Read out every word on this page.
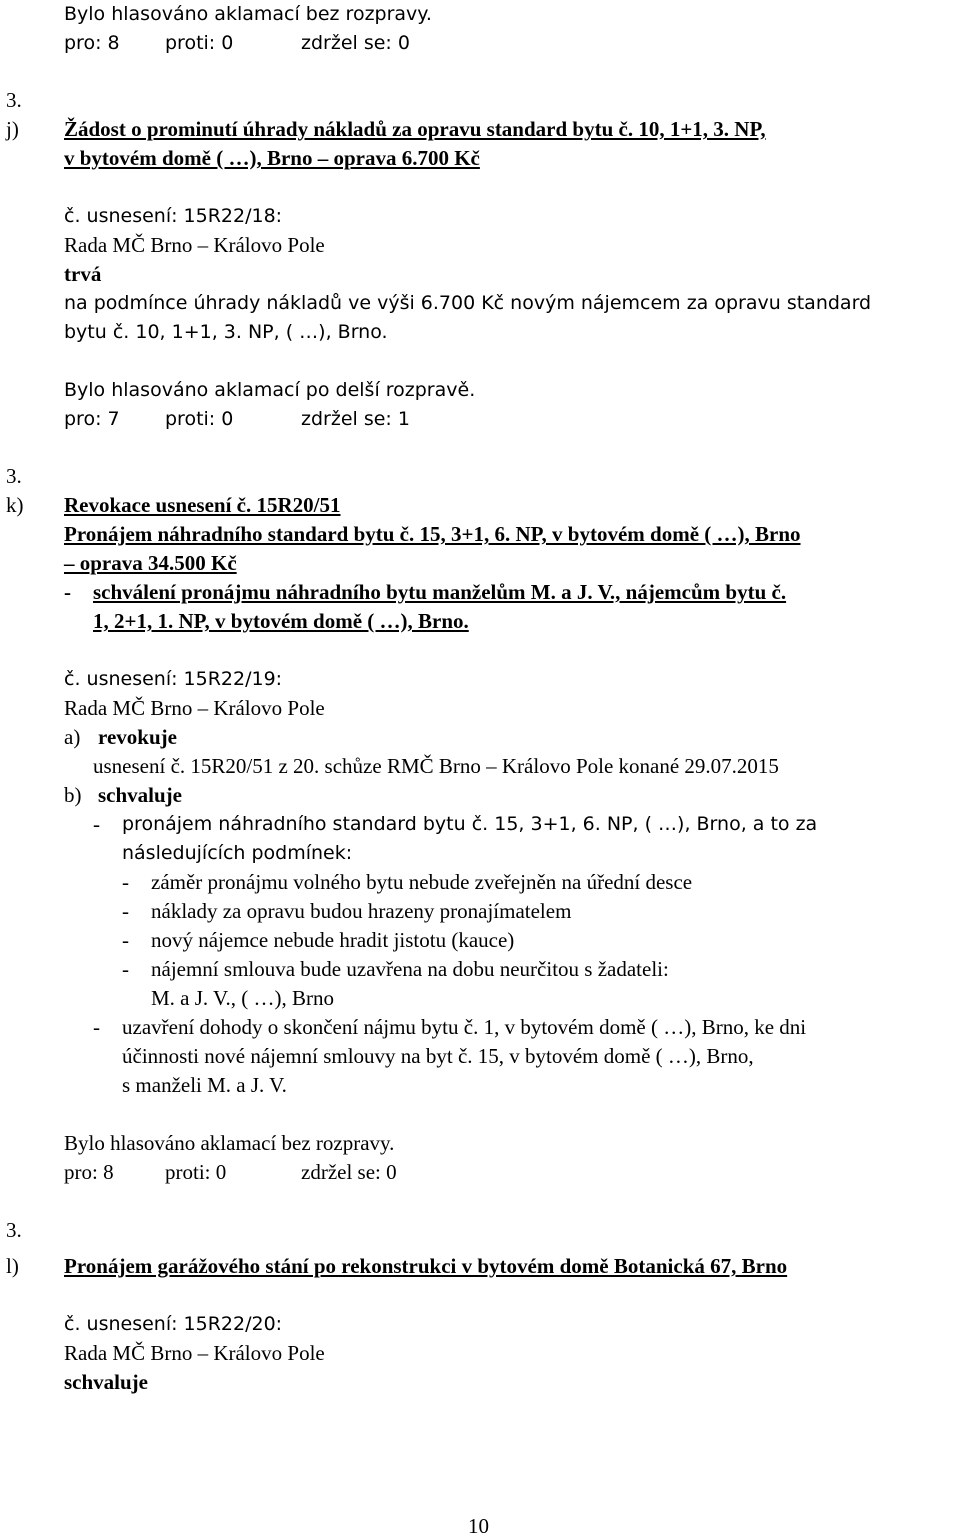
Bylo hlasováno aklamací bez rozpravy.
pro: 8 proti: 0	zdržel se: 0
3.
j) Žádost o prominutí úhrady nákladů za opravu standard bytu č. 10, 1+1, 3. NP,
v bytovém domě ( …), Brno – oprava 6.700 Kč
č. usnesení: 15R22/18:
Rada MČ Brno – Královo Pole
trvá
na podmínce úhrady nákladů ve výši 6.700 Kč novým nájemcem za opravu standard
bytu č. 10, 1+1, 3. NP, ( …), Brno.
Bylo hlasováno aklamací po delší rozpravě.
pro: 7 proti: 0	zdržel se: 1
3.
k) Revokace usnesení č. 15R20/51
Pronájem náhradního standard bytu č. 15, 3+1, 6. NP, v bytovém domě ( …), Brno
– oprava 34.500 Kč
- schválení pronájmu náhradního bytu manželům M. a J. V., nájemcům bytu č.
1, 2+1, 1. NP, v bytovém domě ( …), Brno.
č. usnesení: 15R22/19:
Rada MČ Brno – Královo Pole
a) revokuje
usnesení č. 15R20/51 z 20. schůze RMČ Brno – Královo Pole konané 29.07.2015
b) schvaluje
- pronájem náhradního standard bytu č. 15, 3+1, 6. NP, ( …), Brno, a to za
následujících podmínek:
- záměr pronájmu volného bytu nebude zveřejněn na úřední desce
- náklady za opravu budou hrazeny pronajímatelem
- nový nájemce nebude hradit jistotu (kauce)
- nájemní smlouva bude uzavřena na dobu neurčitou s žadateli:
M. a J. V., ( …), Brno
- uzavření dohody o skončení nájmu bytu č. 1, v bytovém domě ( …), Brno, ke dni
účinnosti nové nájemní smlouvy na byt č. 15, v bytovém domě ( …), Brno,
s manželi M. a J. V.
Bylo hlasováno aklamací bez rozpravy.
pro: 8 proti: 0	zdržel se: 0
3.
l) Pronájem garážového stání po rekonstrukci v bytovém domě Botanická 67, Brno
č. usnesení: 15R22/20:
Rada MČ Brno – Královo Pole
schvaluje
10
